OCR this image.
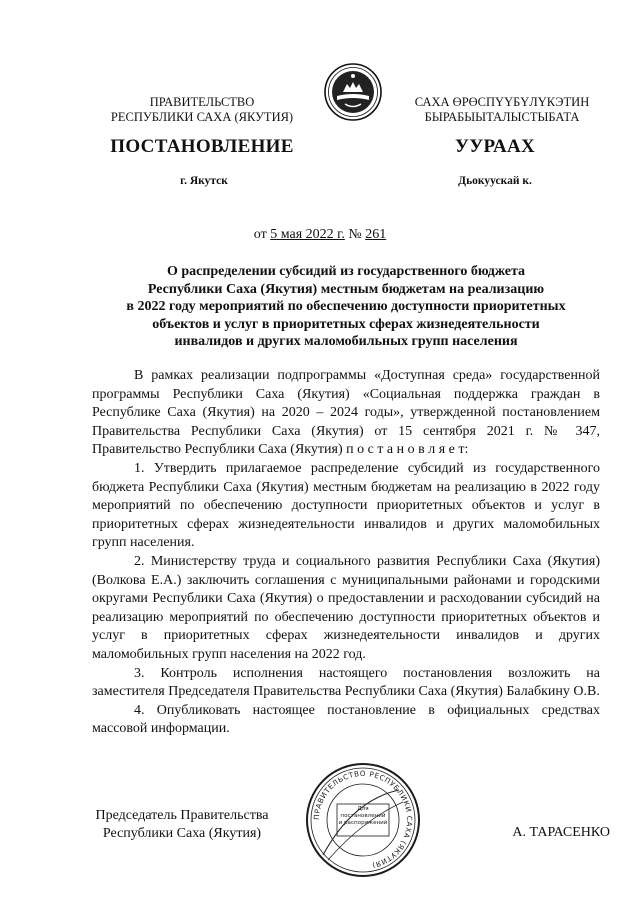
ПРАВИТЕЛЬСТВО
РЕСПУБЛИКИ САХА (ЯКУТИЯ)
САХА ӨРӨСПҮҮБҮЛҮКЭТИН
БЫРАБЫЫТАЛЫСТЫБАТА
ПОСТАНОВЛЕНИЕ	УУРААХ
г. Якутск	Дьокуускай к.
от 5 мая 2022 г. № 261
О распределении субсидий из государственного бюджета
Республики Саха (Якутия) местным бюджетам на реализацию
в 2022 году мероприятий по обеспечению доступности приоритетных
объектов и услуг в приоритетных сферах жизнедеятельности
инвалидов и других маломобильных групп населения

В рамках реализации подпрограммы «Доступная среда» государственной программы Республики Саха (Якутия) «Социальная поддержка граждан в Республике Саха (Якутия) на 2020 – 2024 годы», утвержденной постановлением Правительства Республики Саха (Якутия) от 15 сентября 2021 г. № 347, Правительство Республики Саха (Якутия) п о с т а н о в л я е т:

1. Утвердить прилагаемое распределение субсидий из государственного бюджета Республики Саха (Якутия) местным бюджетам на реализацию в 2022 году мероприятий по обеспечению доступности приоритетных объектов и услуг в приоритетных сферах жизнедеятельности инвалидов и других маломобильных групп населения.

2. Министерству труда и социального развития Республики Саха (Якутия) (Волкова Е.А.) заключить соглашения с муниципальными районами и городскими округами Республики Саха (Якутия) о предоставлении и расходовании субсидий на реализацию мероприятий по обеспечению доступности приоритетных объектов и услуг в приоритетных сферах жизнедеятельности инвалидов и других маломобильных групп населения на 2022 год.

3. Контроль исполнения настоящего постановления возложить на заместителя Председателя Правительства Республики Саха (Якутия) Балабкину О.В.

4. Опубликовать настоящее постановление в официальных средствах массовой информации.

Председатель Правительства
Республики Саха (Якутия)	А. ТАРАСЕНКО
ПРАВИТЕЛЬСТВО РЕСПУБЛИКИ САХА (ЯКУТИЯ)
Для постановлений и распоряжений
